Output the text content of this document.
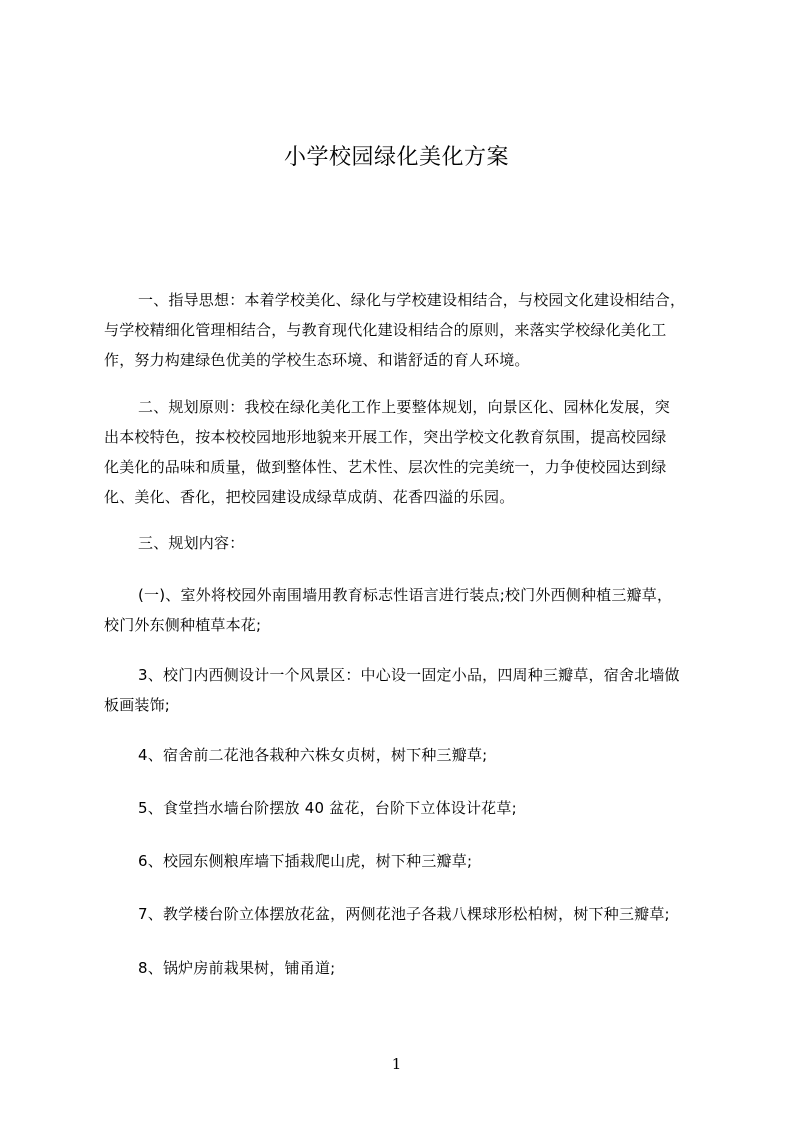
小学校园绿化美化方案
一、指导思想：本着学校美化、绿化与学校建设相结合，与校园文化建设相结合，
与学校精细化管理相结合，与教育现代化建设相结合的原则，来落实学校绿化美化工
作，努力构建绿色优美的学校生态环境、和谐舒适的育人环境。
二、规划原则：我校在绿化美化工作上要整体规划，向景区化、园林化发展，突
出本校特色，按本校校园地形地貌来开展工作，突出学校文化教育氛围，提高校园绿
化美化的品味和质量，做到整体性、艺术性、层次性的完美统一，力争使校园达到绿
化、美化、香化，把校园建设成绿草成荫、花香四溢的乐园。
三、规划内容：
(一)、室外将校园外南围墙用教育标志性语言进行装点;校门外西侧种植三瓣草，
校门外东侧种植草本花;
3、校门内西侧设计一个风景区：中心设一固定小品，四周种三瓣草，宿舍北墙做
板画装饰;
4、宿舍前二花池各栽种六株女贞树，树下种三瓣草;
5、食堂挡水墙台阶摆放 40 盆花，台阶下立体设计花草;
6、校园东侧粮库墙下插栽爬山虎，树下种三瓣草;
7、教学楼台阶立体摆放花盆，两侧花池子各栽八棵球形松柏树，树下种三瓣草;
8、锅炉房前栽果树，铺甬道;
1
